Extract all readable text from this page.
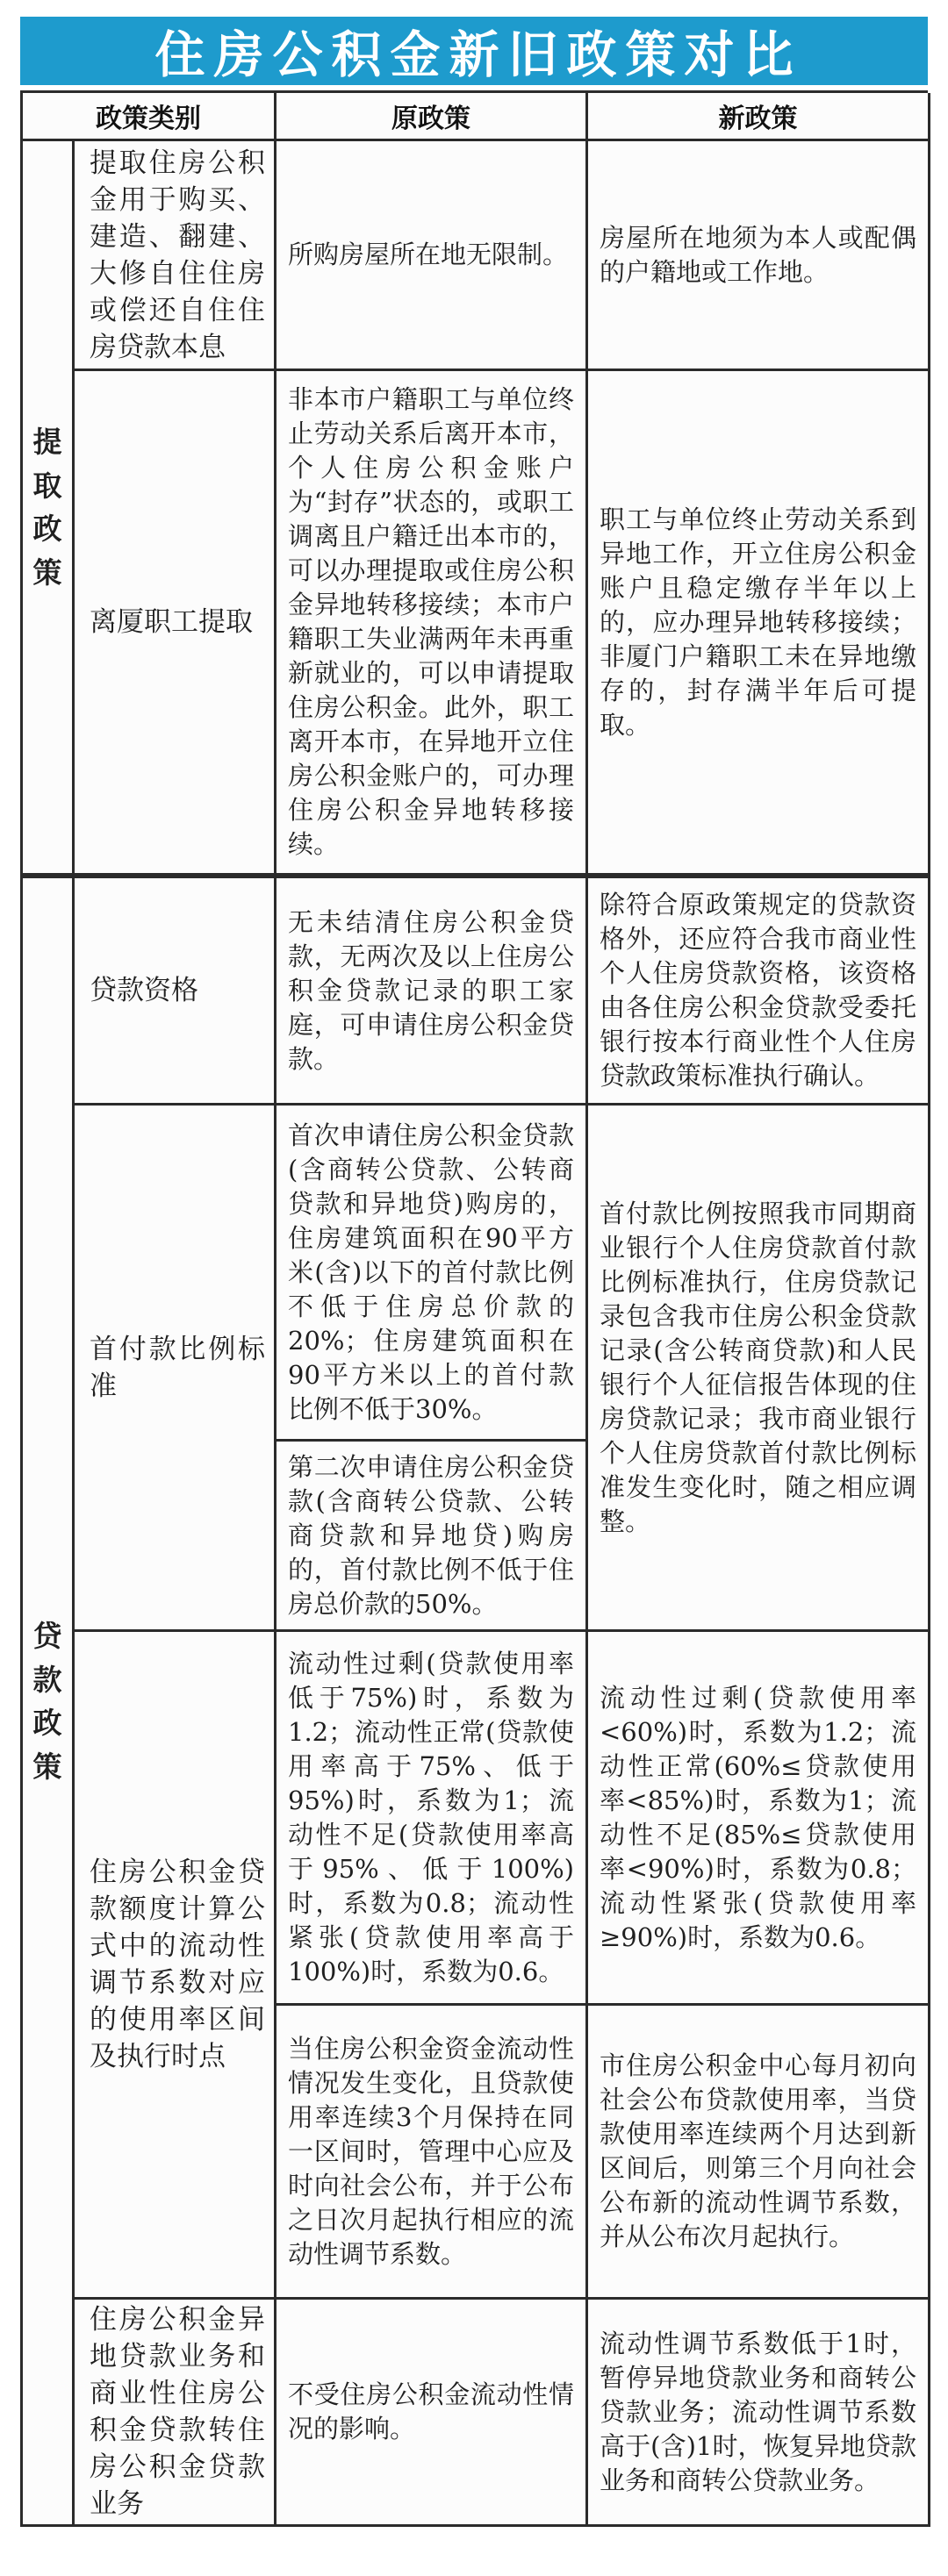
住房公积金新旧政策对比
政策类别	原政策	新政策
提取政策
提取住房公积金用于购买、建造、翻建、大修自住住房或偿还自住住房贷款本息
所购房屋所在地无限制。
房屋所在地须为本人或配偶的户籍地或工作地。
离厦职工提取
非本市户籍职工与单位终止劳动关系后离开本市，个人住房公积金账户为“封存”状态的，或职工调离且户籍迁出本市的，可以办理提取或住房公积金异地转移接续；本市户籍职工失业满两年未再重新就业的，可以申请提取住房公积金。此外，职工离开本市，在异地开立住房公积金账户的，可办理住房公积金异地转移接续。
职工与单位终止劳动关系到异地工作，开立住房公积金账户且稳定缴存半年以上的，应办理异地转移接续；非厦门户籍职工未在异地缴存的，封存满半年后可提取。
贷款政策
贷款资格
无未结清住房公积金贷款，无两次及以上住房公积金贷款记录的职工家庭，可申请住房公积金贷款。
除符合原政策规定的贷款资格外，还应符合我市商业性个人住房贷款资格，该资格由各住房公积金贷款受委托银行按本行商业性个人住房贷款政策标准执行确认。
首付款比例标准
首次申请住房公积金贷款(含商转公贷款、公转商贷款和异地贷)购房的，住房建筑面积在90平方米(含)以下的首付款比例不低于住房总价款的20%；住房建筑面积在90平方米以上的首付款比例不低于30%。
第二次申请住房公积金贷款(含商转公贷款、公转商贷款和异地贷)购房的，首付款比例不低于住房总价款的50%。
首付款比例按照我市同期商业银行个人住房贷款首付款比例标准执行，住房贷款记录包含我市住房公积金贷款记录(含公转商贷款)和人民银行个人征信报告体现的住房贷款记录；我市商业银行个人住房贷款首付款比例标准发生变化时，随之相应调整。
住房公积金贷款额度计算公式中的流动性调节系数对应的使用率区间及执行时点
流动性过剩(贷款使用率低于75%)时，系数为1.2；流动性正常(贷款使用率高于75%、低于95%)时，系数为1；流动性不足(贷款使用率高于95%、低于100%)时，系数为0.8；流动性紧张(贷款使用率高于100%)时，系数为0.6。
流动性过剩(贷款使用率<60%)时，系数为1.2；流动性正常(60%≤贷款使用率<85%)时，系数为1；流动性不足(85%≤贷款使用率<90%)时，系数为0.8；流动性紧张(贷款使用率≥90%)时，系数为0.6。
当住房公积金资金流动性情况发生变化，且贷款使用率连续3个月保持在同一区间时，管理中心应及时向社会公布，并于公布之日次月起执行相应的流动性调节系数。
市住房公积金中心每月初向社会公布贷款使用率，当贷款使用率连续两个月达到新区间后，则第三个月向社会公布新的流动性调节系数，并从公布次月起执行。
住房公积金异地贷款业务和商业性住房公积金贷款转住房公积金贷款业务
不受住房公积金流动性情况的影响。
流动性调节系数低于1时，暂停异地贷款业务和商转公贷款业务；流动性调节系数高于(含)1时，恢复异地贷款业务和商转公贷款业务。
